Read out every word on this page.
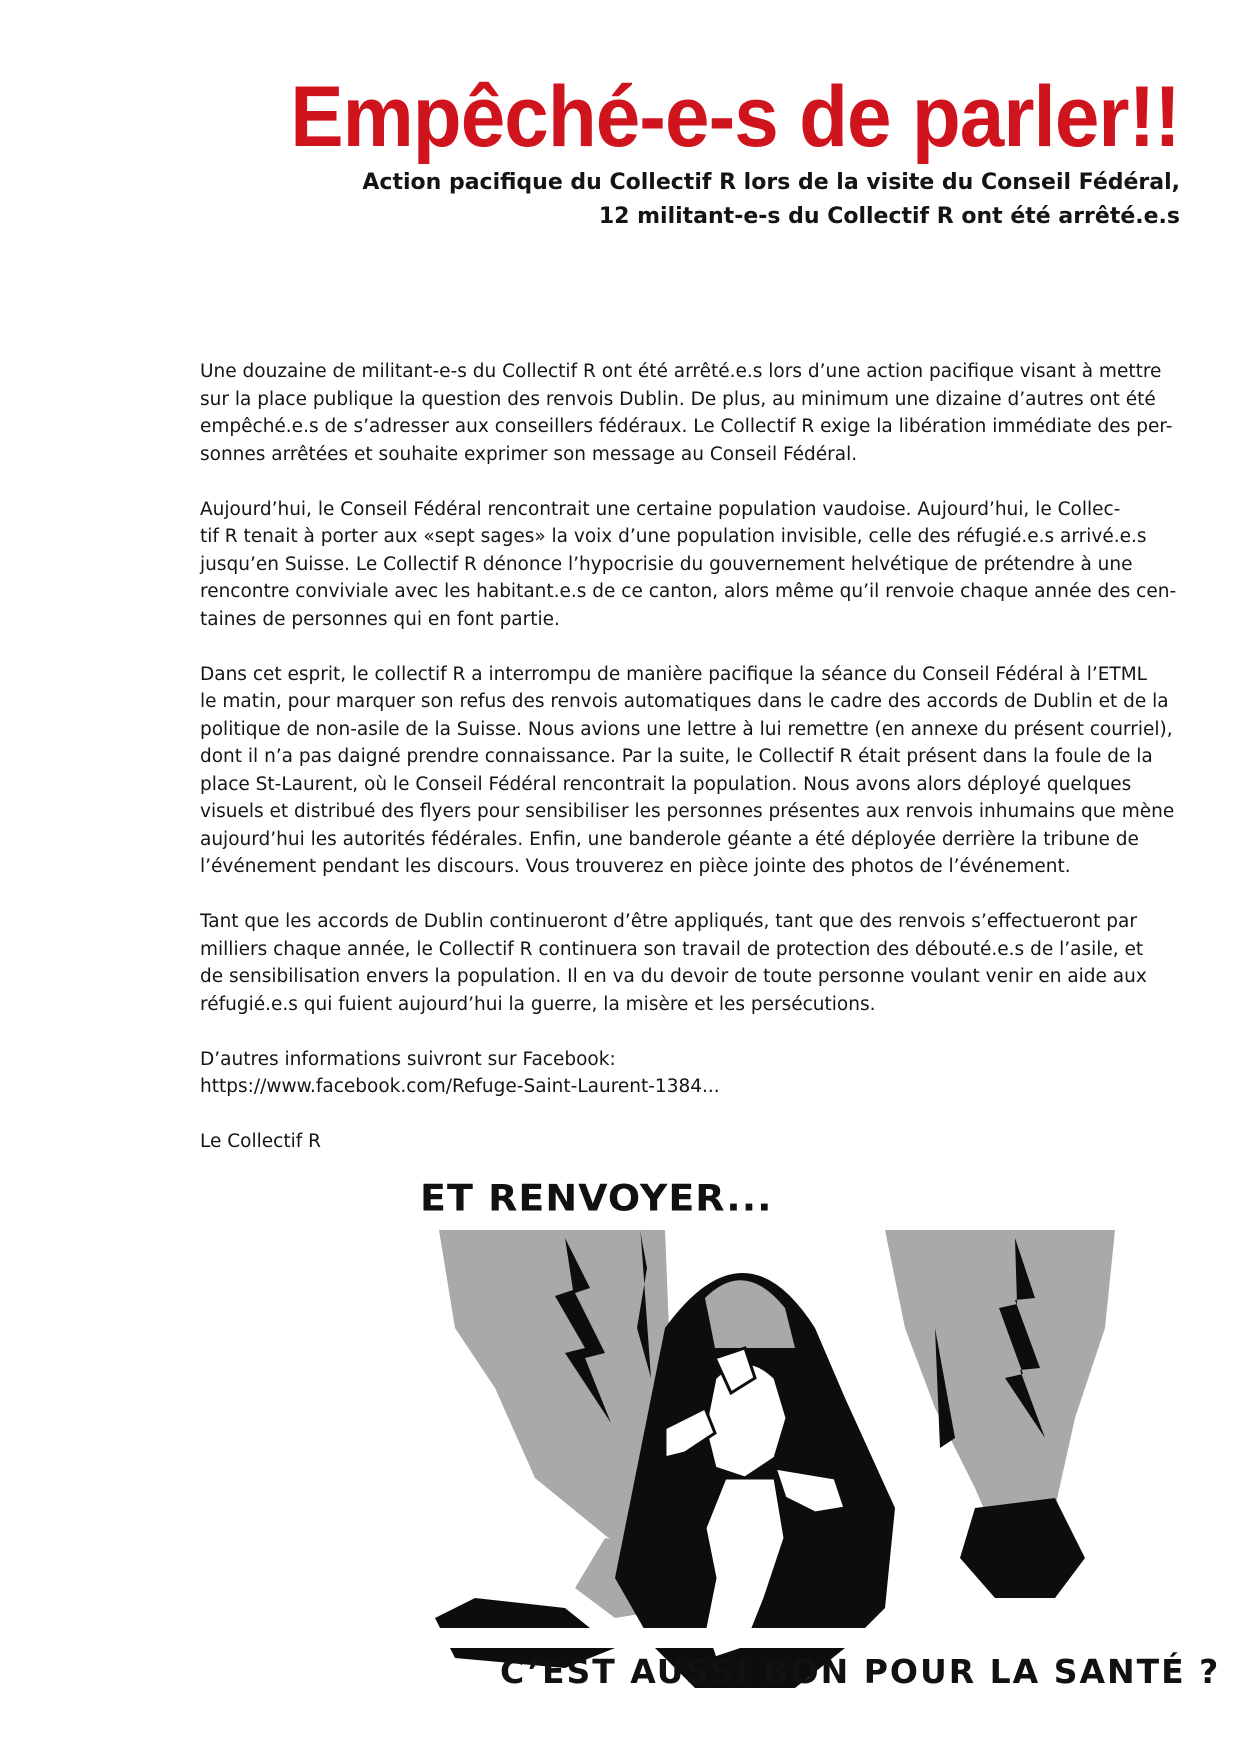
Empêché-e-s de parler!!
Action pacifique du Collectif R lors de la visite du Conseil Fédéral,
12 militant-e-s du Collectif R ont été arrêté.e.s

Une douzaine de militant-e-s du Collectif R ont été arrêté.e.s lors d’une action pacifique visant à mettre
sur la place publique la question des renvois Dublin. De plus, au minimum une dizaine d’autres ont été
empêché.e.s de s’adresser aux conseillers fédéraux. Le Collectif R exige la libération immédiate des per-
sonnes arrêtées et souhaite exprimer son message au Conseil Fédéral.

Aujourd’hui, le Conseil Fédéral rencontrait une certaine population vaudoise. Aujourd’hui, le Collec-
tif R tenait à porter aux «sept sages» la voix d’une population invisible, celle des réfugié.e.s arrivé.e.s
jusqu’en Suisse. Le Collectif R dénonce l’hypocrisie du gouvernement helvétique de prétendre à une
rencontre conviviale avec les habitant.e.s de ce canton, alors même qu’il renvoie chaque année des cen-
taines de personnes qui en font partie.

Dans cet esprit, le collectif R a interrompu de manière pacifique la séance du Conseil Fédéral à l’ETML
le matin, pour marquer son refus des renvois automatiques dans le cadre des accords de Dublin et de la
politique de non-asile de la Suisse. Nous avions une lettre à lui remettre (en annexe du présent courriel),
dont il n’a pas daigné prendre connaissance. Par la suite, le Collectif R était présent dans la foule de la
place St-Laurent, où le Conseil Fédéral rencontrait la population. Nous avons alors déployé quelques
visuels et distribué des flyers pour sensibiliser les personnes présentes aux renvois inhumains que mène
aujourd’hui les autorités fédérales. Enfin, une banderole géante a été déployée derrière la tribune de
l’événement pendant les discours. Vous trouverez en pièce jointe des photos de l’événement.

Tant que les accords de Dublin continueront d’être appliqués, tant que des renvois s’effectueront par
milliers chaque année, le Collectif R continuera son travail de protection des débouté.e.s de l’asile, et
de sensibilisation envers la population. Il en va du devoir de toute personne voulant venir en aide aux
réfugié.e.s qui fuient aujourd’hui la guerre, la misère et les persécutions.

D’autres informations suivront sur Facebook:
https://www.facebook.com/Refuge-Saint-Laurent-1384...

Le Collectif R

ET RENVOYER...
C’EST AUSSI BON POUR LA SANTÉ ?
